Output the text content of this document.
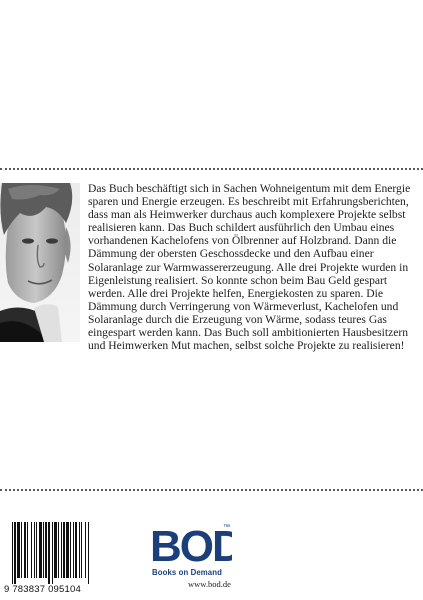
Das Buch beschäftigt sich in Sachen Wohneigentum mit dem Energie sparen und Energie erzeugen. Es beschreibt mit Erfahrungsberichten, dass man als Heimwerker durchaus auch komplexere Projekte selbst realisieren kann. Das Buch schildert ausführlich den Umbau eines vorhandenen Kachelofens von Ölbrenner auf Holzbrand. Dann die Dämmung der obersten Geschossdecke und den Aufbau einer Solaranlage zur Warmwassererzeugung. Alle drei Projekte wurden in Eigenleistung realisiert. So konnte schon beim Bau Geld gespart werden. Alle drei Projekte helfen, Energiekosten zu sparen. Die Dämmung durch Verringerung von Wärmeverlust, Kachelofen und Solaranlage durch die Erzeugung von Wärme, sodass teures Gas eingespart werden kann. Das Buch soll ambitionierten Hausbesitzern und Heimwerken Mut machen, selbst solche Projekte zu realisieren!

9 783837 095104
BOD
™
Books on Demand
www.bod.de
